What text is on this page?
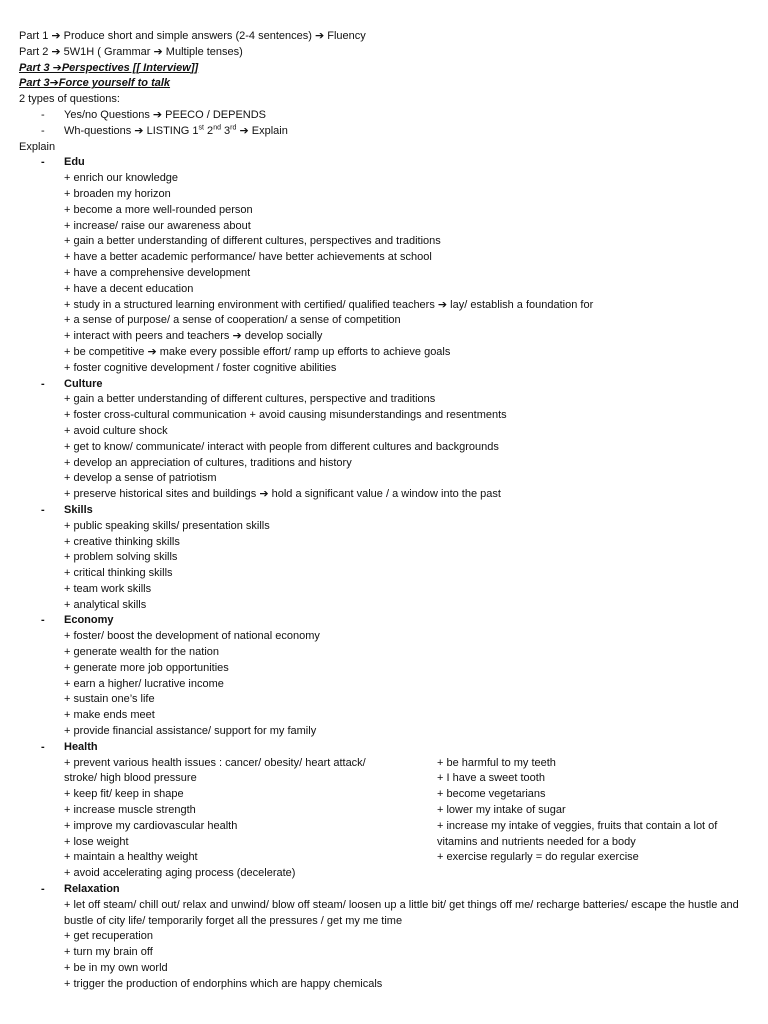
Part 1 ➔ Produce short and simple answers (2-4 sentences) ➔ Fluency
Part 2 ➔ 5W1H ( Grammar ➔ Multiple tenses)
Part 3 ➔Perspectives [[ Interview]]
Part 3➔Force yourself to talk
2 types of questions:
- Yes/no Questions ➔ PEECO / DEPENDS
- Wh-questions ➔ LISTING 1st 2nd 3rd ➔ Explain
Explain
- Edu
+ enrich our knowledge
+ broaden my horizon
+ become a more well-rounded person
+ increase/ raise our awareness about
+ gain a better understanding of different cultures, perspectives and traditions
+ have a better academic performance/ have better achievements at school
+ have a comprehensive development
+ have a decent education
+ study in a structured learning environment with certified/ qualified teachers ➔ lay/ establish a foundation for
+ a sense of purpose/ a sense of cooperation/ a sense of competition
+ interact with peers and teachers ➔ develop socially
+ be competitive ➔ make every possible effort/ ramp up efforts to achieve goals
+ foster cognitive development / foster cognitive abilities
- Culture
+ gain a better understanding of different cultures, perspective and traditions
+ foster cross-cultural communication + avoid causing misunderstandings and resentments
+ avoid culture shock
+ get to know/ communicate/ interact with people from different cultures and backgrounds
+ develop an appreciation of cultures, traditions and history
+ develop a sense of patriotism
+ preserve historical sites and buildings ➔ hold a significant value / a window into the past
- Skills
+ public speaking skills/ presentation skills
+ creative thinking skills
+ problem solving skills
+ critical thinking skills
+ team work skills
+ analytical skills
- Economy
+ foster/ boost the development of national economy
+ generate wealth for the nation
+ generate more job opportunities
+ earn a higher/ lucrative income
+ sustain one’s life
+ make ends meet
+ provide financial assistance/ support for my family
- Health
+ prevent various health issues : cancer/ obesity/ heart attack/ stroke/ high blood pressure
+ keep fit/ keep in shape
+ increase muscle strength
+ improve my cardiovascular health
+ lose weight
+ maintain a healthy weight
+ avoid accelerating aging process (decelerate)
+ be harmful to my teeth
+ I have a sweet tooth
+ become vegetarians
+ lower my intake of sugar
+ increase my intake of veggies, fruits that contain a lot of vitamins and nutrients needed for a body
+ exercise regularly = do regular exercise
- Relaxation
+ let off steam/ chill out/ relax and unwind/ blow off steam/ loosen up a little bit/ get things off me/ recharge batteries/ escape the hustle and bustle of city life/ temporarily forget all the pressures / get my me time
+ get recuperation
+ turn my brain off
+ be in my own world
+ trigger the production of endorphins which are happy chemicals
